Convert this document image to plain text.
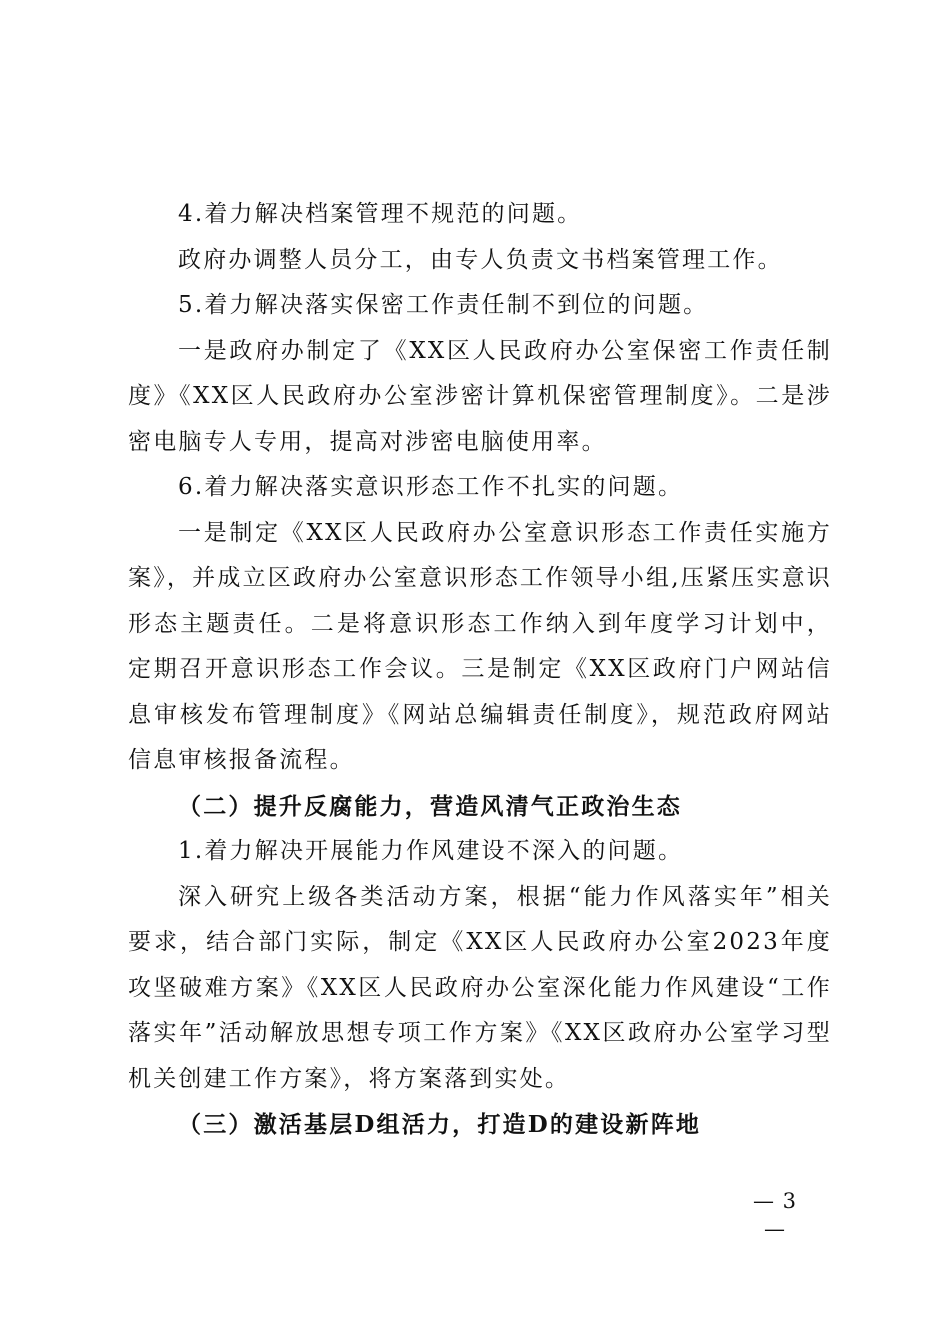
4.着力解决档案管理不规范的问题。

政府办调整人员分工，由专人负责文书档案管理工作。

5.着力解决落实保密工作责任制不到位的问题。

一是政府办制定了《XX区人民政府办公室保密工作责任制度》《XX区人民政府办公室涉密计算机保密管理制度》。二是涉密电脑专人专用，提高对涉密电脑使用率。

6.着力解决落实意识形态工作不扎实的问题。

一是制定《XX区人民政府办公室意识形态工作责任实施方案》，并成立区政府办公室意识形态工作领导小组,压紧压实意识形态主题责任。二是将意识形态工作纳入到年度学习计划中，定期召开意识形态工作会议。三是制定《XX区政府门户网站信息审核发布管理制度》《网站总编辑责任制度》，规范政府网站信息审核报备流程。

（二）提升反腐能力，营造风清气正政治生态

1.着力解决开展能力作风建设不深入的问题。

深入研究上级各类活动方案，根据“能力作风落实年”相关要求，结合部门实际，制定《XX区人民政府办公室2023年度攻坚破难方案》《XX区人民政府办公室深化能力作风建设“工作落实年”活动解放思想专项工作方案》《XX区政府办公室学习型机关创建工作方案》，将方案落到实处。

（三）激活基层D组活力，打造D的建设新阵地

— 3 —
